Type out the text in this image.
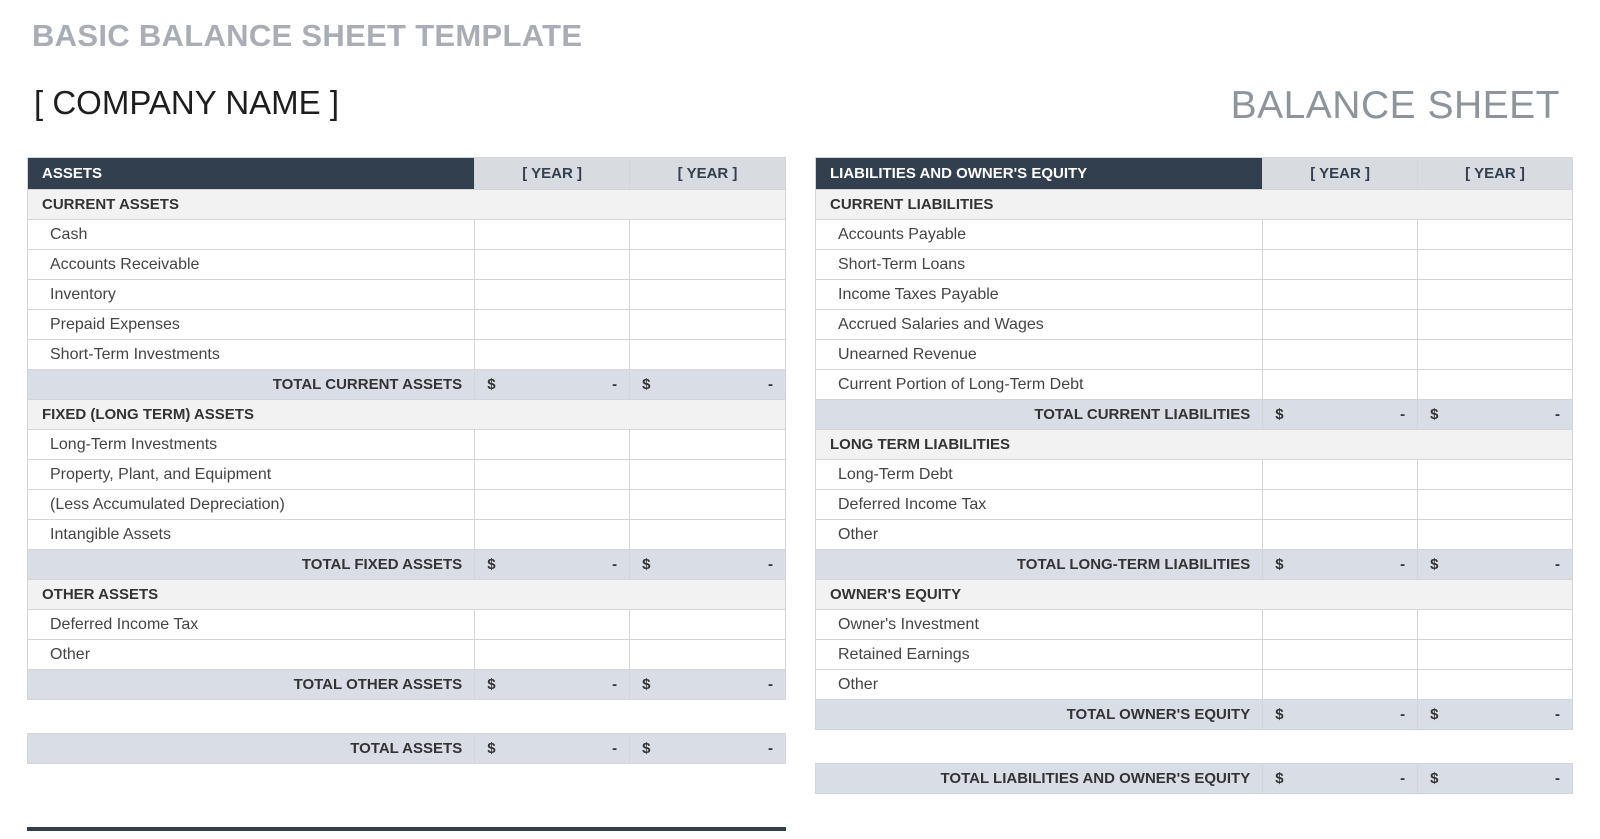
BASIC BALANCE SHEET TEMPLATE
[ COMPANY NAME ]	BALANCE SHEET
ASSETS	[ YEAR ]	[ YEAR ]
CURRENT ASSETS		
Cash		
Accounts Receivable		
Inventory		
Prepaid Expenses		
Short-Term Investments		
TOTAL CURRENT ASSETS	$ -	$ -

FIXED (LONG TERM) ASSETS		
Long-Term Investments		
Property, Plant, and Equipment		
(Less Accumulated Depreciation)		
Intangible Assets		
TOTAL FIXED ASSETS	$ -	$ -

OTHER ASSETS		
Deferred Income Tax		
Other		
TOTAL OTHER ASSETS	$ -	$ -

TOTAL ASSETS	$ -	$ -
LIABILITIES AND OWNER'S EQUITY	[ YEAR ]	[ YEAR ]
CURRENT LIABILITIES		
Accounts Payable		
Short-Term Loans		
Income Taxes Payable		
Accrued Salaries and Wages		
Unearned Revenue		
Current Portion of Long-Term Debt		
TOTAL CURRENT LIABILITIES	$ -	$ -

LONG TERM LIABILITIES		
Long-Term Debt		
Deferred Income Tax		
Other		
TOTAL LONG-TERM LIABILITIES	$ -	$ -

OWNER'S EQUITY		
Owner's Investment		
Retained Earnings		
Other		
TOTAL OWNER'S EQUITY	$ -	$ -

TOTAL LIABILITIES AND OWNER'S EQUITY	$ -	$ -
